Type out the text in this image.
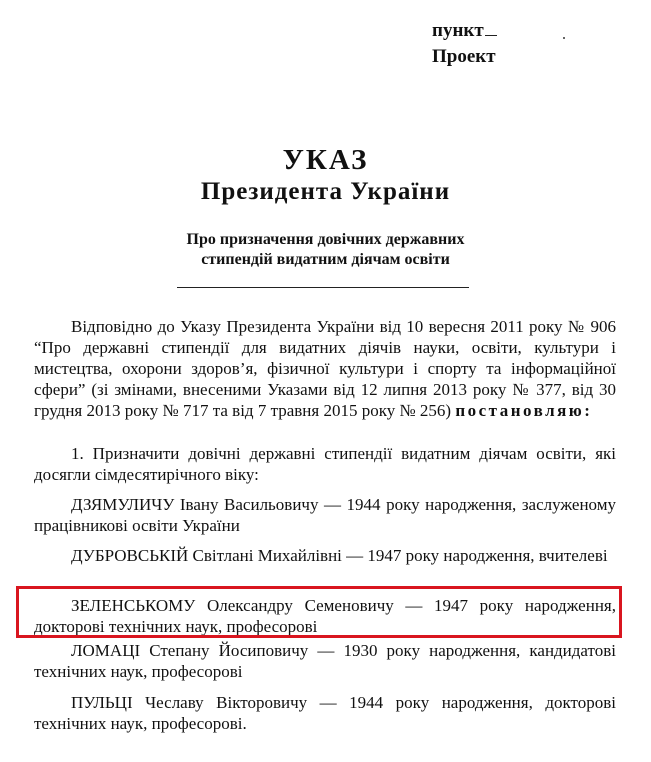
пункт
Проект
УКАЗ
Президента України
Про призначення довічних державних
стипендій видатним діячам освіти
Відповідно до Указу Президента України від 10 вересня 2011 року № 906 “Про державні стипендії для видатних діячів науки, освіти, культури і мистецтва, охорони здоров’я, фізичної культури і спорту та інформаційної сфери” (зі змінами, внесеними Указами від 12 липня 2013 року № 377, від 30 грудня 2013 року № 717 та від 7 травня 2015 року № 256) постановляю:
1. Призначити довічні державні стипендії видатним діячам освіти, які досягли сімдесятирічного віку:
ДЗЯМУЛИЧУ Івану Васильовичу — 1944 року народження, заслуженому працівникові освіти України
ДУБРОВСЬКІЙ Світлані Михайлівні — 1947 року народження, вчителеві
ЗЕЛЕНСЬКОМУ Олександру Семеновичу — 1947 року народження, докторові технічних наук, професорові
ЛОМАЦІ Степану Йосиповичу — 1930 року народження, кандидатові технічних наук, професорові
ПУЛЬЦІ Чеславу Вікторовичу — 1944 року народження, докторові технічних наук, професорові.
